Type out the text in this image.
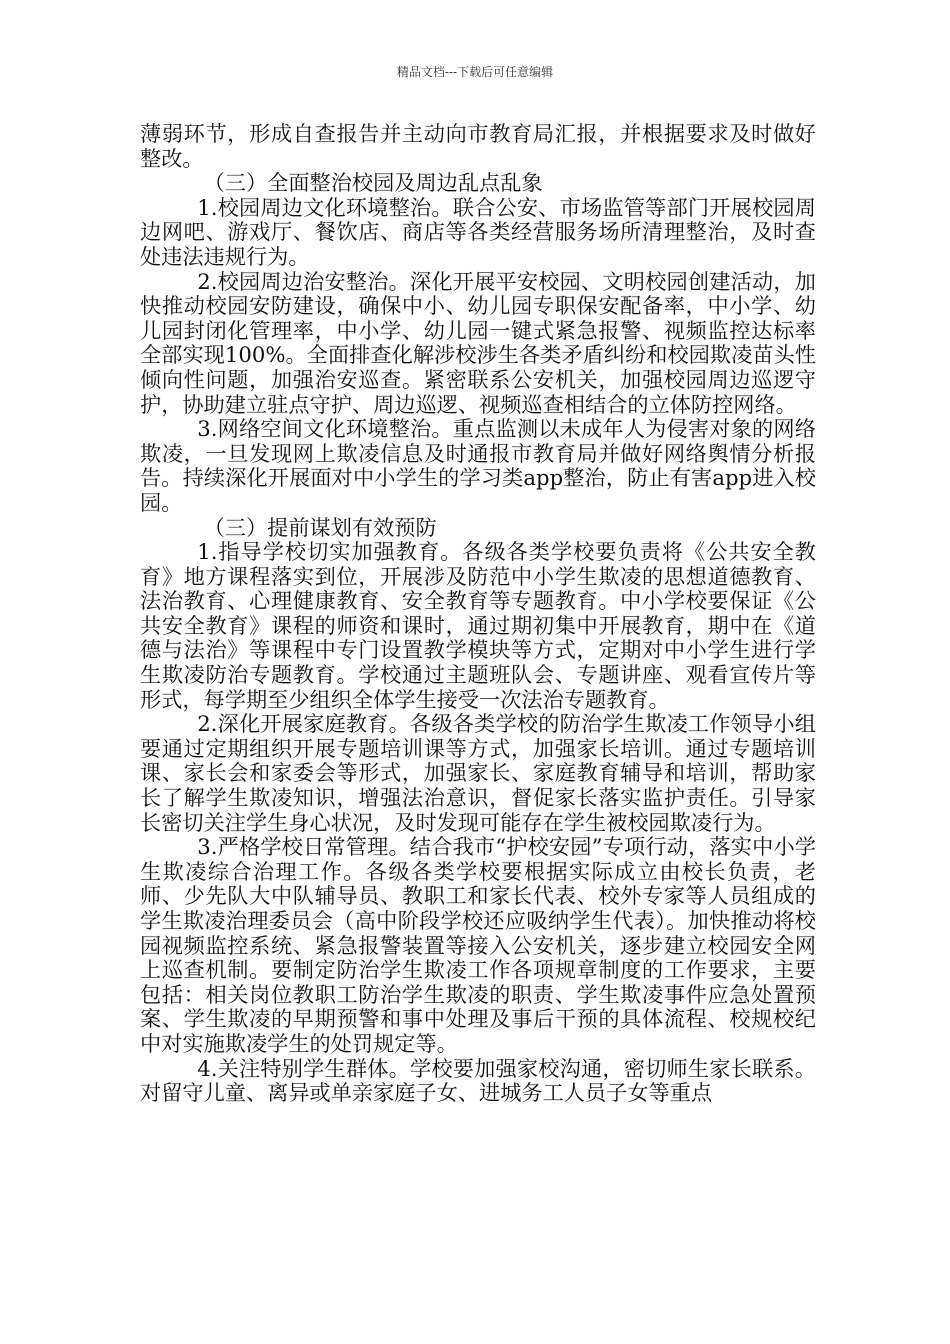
精品文档---下载后可任意编辑

薄弱环节，形成自查报告并主动向市教育局汇报，并根据要求及时做好整改。

（三）全面整治校园及周边乱点乱象

1.校园周边文化环境整治。联合公安、市场监管等部门开展校园周边网吧、游戏厅、餐饮店、商店等各类经营服务场所清理整治，及时查处违法违规行为。

2.校园周边治安整治。深化开展平安校园、文明校园创建活动，加快推动校园安防建设，确保中小、幼儿园专职保安配备率，中小学、幼儿园封闭化管理率，中小学、幼儿园一键式紧急报警、视频监控达标率全部实现100%。全面排查化解涉校涉生各类矛盾纠纷和校园欺凌苗头性倾向性问题，加强治安巡查。紧密联系公安机关，加强校园周边巡逻守护，协助建立驻点守护、周边巡逻、视频巡查相结合的立体防控网络。

3.网络空间文化环境整治。重点监测以未成年人为侵害对象的网络欺凌，一旦发现网上欺凌信息及时通报市教育局并做好网络舆情分析报告。持续深化开展面对中小学生的学习类app整治，防止有害app进入校园。

（三）提前谋划有效预防

1.指导学校切实加强教育。各级各类学校要负责将《公共安全教育》地方课程落实到位，开展涉及防范中小学生欺凌的思想道德教育、法治教育、心理健康教育、安全教育等专题教育。中小学校要保证《公共安全教育》课程的师资和课时，通过期初集中开展教育，期中在《道德与法治》等课程中专门设置教学模块等方式，定期对中小学生进行学生欺凌防治专题教育。学校通过主题班队会、专题讲座、观看宣传片等形式，每学期至少组织全体学生接受一次法治专题教育。

2.深化开展家庭教育。各级各类学校的防治学生欺凌工作领导小组要通过定期组织开展专题培训课等方式，加强家长培训。通过专题培训课、家长会和家委会等形式，加强家长、家庭教育辅导和培训，帮助家长了解学生欺凌知识，增强法治意识，督促家长落实监护责任。引导家长密切关注学生身心状况，及时发现可能存在学生被校园欺凌行为。

3.严格学校日常管理。结合我市“护校安园”专项行动，落实中小学生欺凌综合治理工作。各级各类学校要根据实际成立由校长负责，老师、少先队大中队辅导员、教职工和家长代表、校外专家等人员组成的学生欺凌治理委员会（高中阶段学校还应吸纳学生代表）。加快推动将校园视频监控系统、紧急报警装置等接入公安机关，逐步建立校园安全网上巡查机制。要制定防治学生欺凌工作各项规章制度的工作要求，主要包括：相关岗位教职工防治学生欺凌的职责、学生欺凌事件应急处置预案、学生欺凌的早期预警和事中处理及事后干预的具体流程、校规校纪中对实施欺凌学生的处罚规定等。

4.关注特别学生群体。学校要加强家校沟通，密切师生家长联系。对留守儿童、离异或单亲家庭子女、进城务工人员子女等重点
